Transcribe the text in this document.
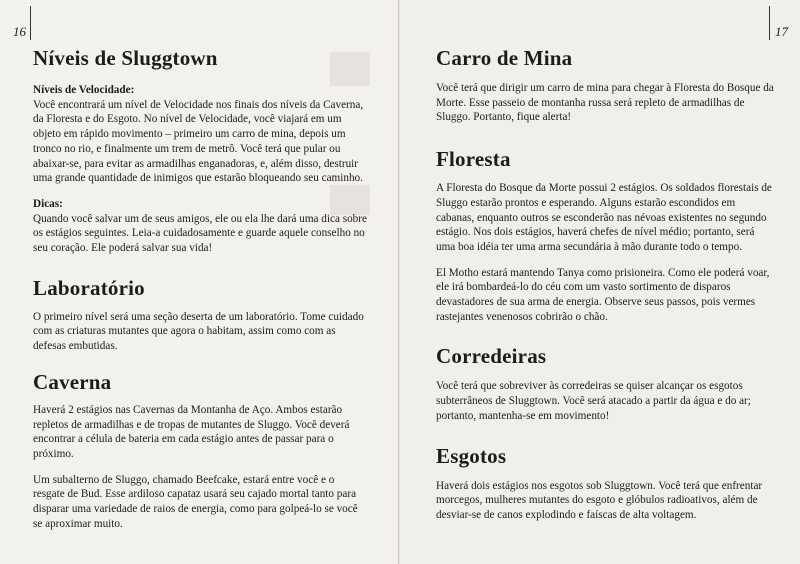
16
Níveis de Sluggtown
Níveis de Velocidade:

Você encontrará um nível de Velocidade nos finais dos níveis da Caverna, da Floresta e do Esgoto. No nível de Velocidade, você viajará em um objeto em rápido movimento – primeiro um carro de mina, depois um tronco no rio, e finalmente um trem de metrô. Você terá que pular ou abaixar-se, para evitar as armadilhas enganadoras, e, além disso, destruir uma grande quantidade de inimigos que estarão bloqueando seu caminho.

Dicas:

Quando você salvar um de seus amigos, ele ou ela lhe dará uma dica sobre os estágios seguintes. Leia-a cuidadosamente e guarde aquele conselho no seu coração. Ele poderá salvar sua vida!

Laboratório

O primeiro nível será uma seção deserta de um laboratório. Tome cuidado com as criaturas mutantes que agora o habitam, assim como com as defesas embutidas.

Caverna

Haverá 2 estágios nas Cavernas da Montanha de Aço. Ambos estarão repletos de armadilhas e de tropas de mutantes de Sluggo. Você deverá encontrar a célula de bateria em cada estágio antes de passar para o próximo.

Um subalterno de Sluggo, chamado Beefcake, estará entre você e o resgate de Bud. Esse ardiloso capataz usará seu cajado mortal tanto para disparar uma variedade de raios de energia, como para golpeá-lo se você se aproximar muito.

17
Carro de Mina

Você terá que dirigir um carro de mina para chegar à Floresta do Bosque da Morte. Esse passeio de montanha russa será repleto de armadilhas de Sluggo. Portanto, fique alerta!

Floresta

A Floresta do Bosque da Morte possui 2 estágios. Os soldados florestais de Sluggo estarão prontos e esperando. Alguns estarão escondidos em cabanas, enquanto outros se esconderão nas névoas existentes no segundo estágio. Nos dois estágios, haverá chefes de nível médio; portanto, será uma boa idéia ter uma arma secundária à mão durante todo o tempo.

El Motho estará mantendo Tanya como prisioneira. Como ele poderá voar, ele irá bombardeá-lo do céu com um vasto sortimento de disparos devastadores de sua arma de energia. Observe seus passos, pois vermes rastejantes venenosos cobrirão o chão.

Corredeiras

Você terá que sobreviver às corredeiras se quiser alcançar os esgotos subterrâneos de Sluggtown. Você será atacado a partir da água e do ar; portanto, mantenha-se em movimento!

Esgotos

Haverá dois estágios nos esgotos sob Sluggtown. Você terá que enfrentar morcegos, mulheres mutantes do esgoto e glóbulos radioativos, além de desviar-se de canos explodindo e faíscas de alta voltagem.
